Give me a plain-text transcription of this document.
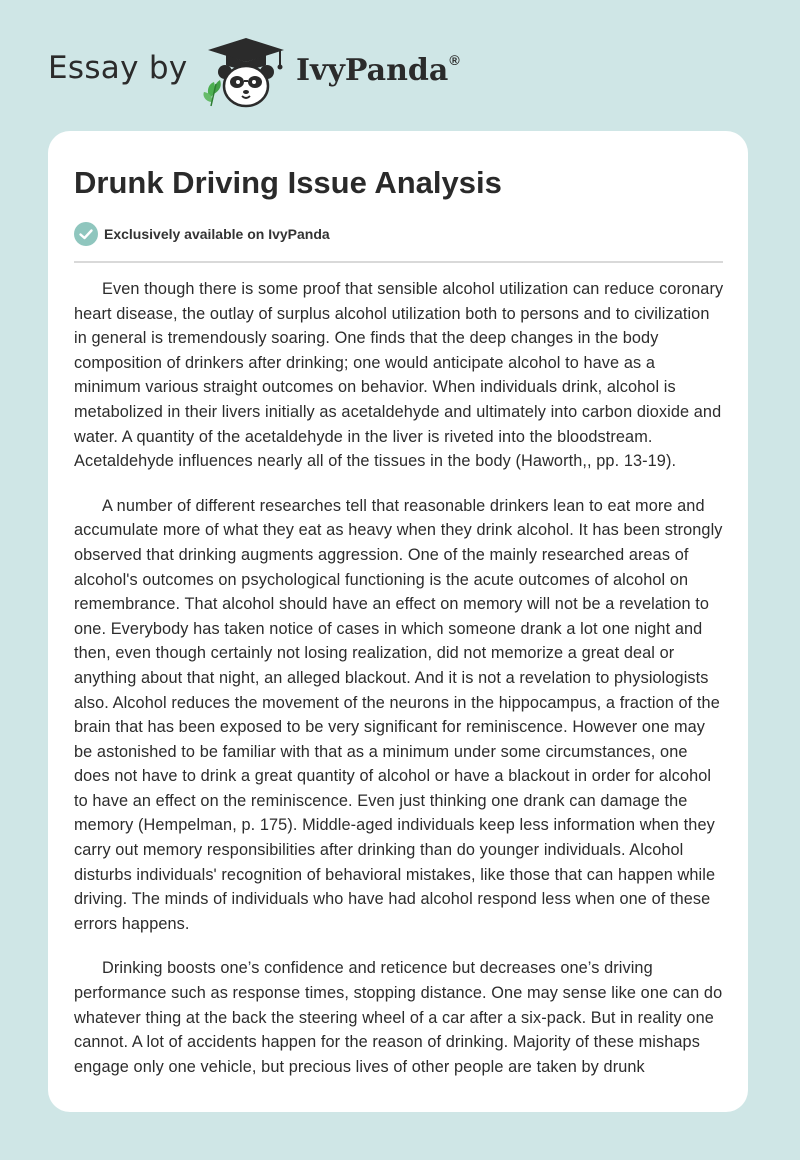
Essay by	IvyPanda®
Drunk Driving Issue Analysis
Exclusively available on IvyPanda

Even though there is some proof that sensible alcohol utilization can reduce coronary heart disease, the outlay of surplus alcohol utilization both to persons and to civilization in general is tremendously soaring. One finds that the deep changes in the body composition of drinkers after drinking; one would anticipate alcohol to have as a minimum various straight outcomes on behavior. When individuals drink, alcohol is metabolized in their livers initially as acetaldehyde and ultimately into carbon dioxide and water. A quantity of the acetaldehyde in the liver is riveted into the bloodstream. Acetaldehyde influences nearly all of the tissues in the body (Haworth,, pp. 13-19).

A number of different researches tell that reasonable drinkers lean to eat more and accumulate more of what they eat as heavy when they drink alcohol. It has been strongly observed that drinking augments aggression. One of the mainly researched areas of alcohol's outcomes on psychological functioning is the acute outcomes of alcohol on remembrance. That alcohol should have an effect on memory will not be a revelation to one. Everybody has taken notice of cases in which someone drank a lot one night and then, even though certainly not losing realization, did not memorize a great deal or anything about that night, an alleged blackout. And it is not a revelation to physiologists also. Alcohol reduces the movement of the neurons in the hippocampus, a fraction of the brain that has been exposed to be very significant for reminiscence. However one may be astonished to be familiar with that as a minimum under some circumstances, one does not have to drink a great quantity of alcohol or have a blackout in order for alcohol to have an effect on the reminiscence. Even just thinking one drank can damage the memory (Hempelman, p. 175). Middle-aged individuals keep less information when they carry out memory responsibilities after drinking than do younger individuals. Alcohol disturbs individuals' recognition of behavioral mistakes, like those that can happen while driving. The minds of individuals who have had alcohol respond less when one of these errors happens.

Drinking boosts one’s confidence and reticence but decreases one’s driving performance such as response times, stopping distance. One may sense like one can do whatever thing at the back the steering wheel of a car after a six-pack. But in reality one cannot. A lot of accidents happen for the reason of drinking. Majority of these mishaps engage only one vehicle, but precious lives of other people are taken by drunk
